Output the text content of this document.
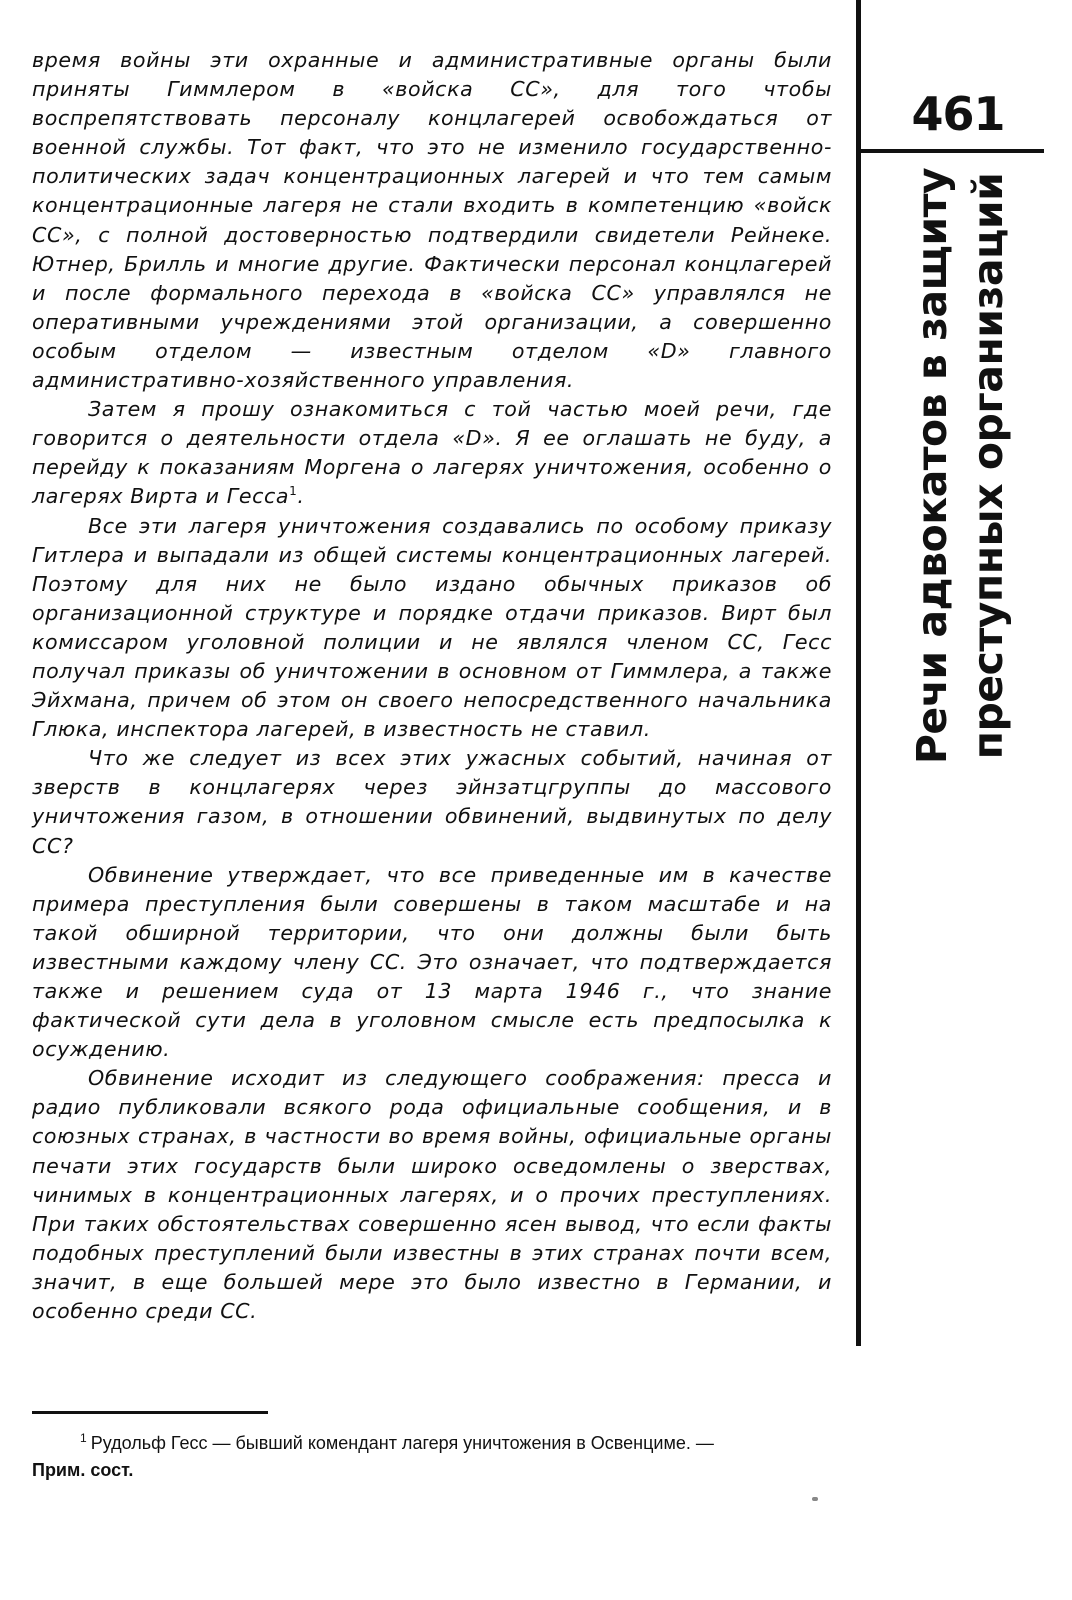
время войны эти охранные и административные органы были приняты Гиммлером в «войска СС», для того чтобы воспрепятствовать персоналу концлагерей освобождаться от военной службы. Тот факт, что это не изменило государственно-политических задач концентрационных лагерей и что тем самым концентрационные лагеря не стали входить в компетенцию «войск СС», с полной достоверностью подтвердили свидетели Рейнеке. Ютнер, Брилль и многие другие. Фактически персонал концлагерей и после формального перехода в «войска СС» управлялся не оперативными учреждениями этой организации, а совершенно особым отделом — известным отделом «D» главного административно-хозяйственного управления.

Затем я прошу ознакомиться с той частью моей речи, где говорится о деятельности отдела «D». Я ее оглашать не буду, а перейду к показаниям Моргена о лагерях уничтожения, особенно о лагерях Вирта и Гесса$^1$.

Все эти лагеря уничтожения создавались по особому приказу Гитлера и выпадали из общей системы концентрационных лагерей. Поэтому для них не было издано обычных приказов об организационной структуре и порядке отдачи приказов. Вирт был комиссаром уголовной полиции и не являлся членом СС, Гесс получал приказы об уничтожении в основном от Гиммлера, а также Эйхмана, причем об этом он своего непосредственного начальника Глюка, инспектора лагерей, в известность не ставил.

Что же следует из всех этих ужасных событий, начиная от зверств в концлагерях через эйнзатцгруппы до массового уничтожения газом, в отношении обвинений, выдвинутых по делу СС?

Обвинение утверждает, что все приведенные им в качестве примера преступления были совершены в таком масштабе и на такой обширной территории, что они должны были быть известными каждому члену СС. Это означает, что подтверждается также и решением суда от 13 марта 1946 г., что знание фактической сути дела в уголовном смысле есть предпосылка к осуждению.

Обвинение исходит из следующего соображения: пресса и радио публиковали всякого рода официальные сообщения, и в союзных странах, в частности во время войны, официальные органы печати этих государств были широко осведомлены о зверствах, чинимых в концентрационных лагерях, и о прочих преступлениях. При таких обстоятельствах совершенно ясен вывод, что если факты подобных преступлений были известны в этих странах почти всем, значит, в еще большей мере это было известно в Германии, и особенно среди СС.

461
Речи адвокатов в защиту преступных организаций
$^1$ Рудольф Гесс — бывший комендант лагеря уничтожения в Освенциме. —
Прим. сост.
